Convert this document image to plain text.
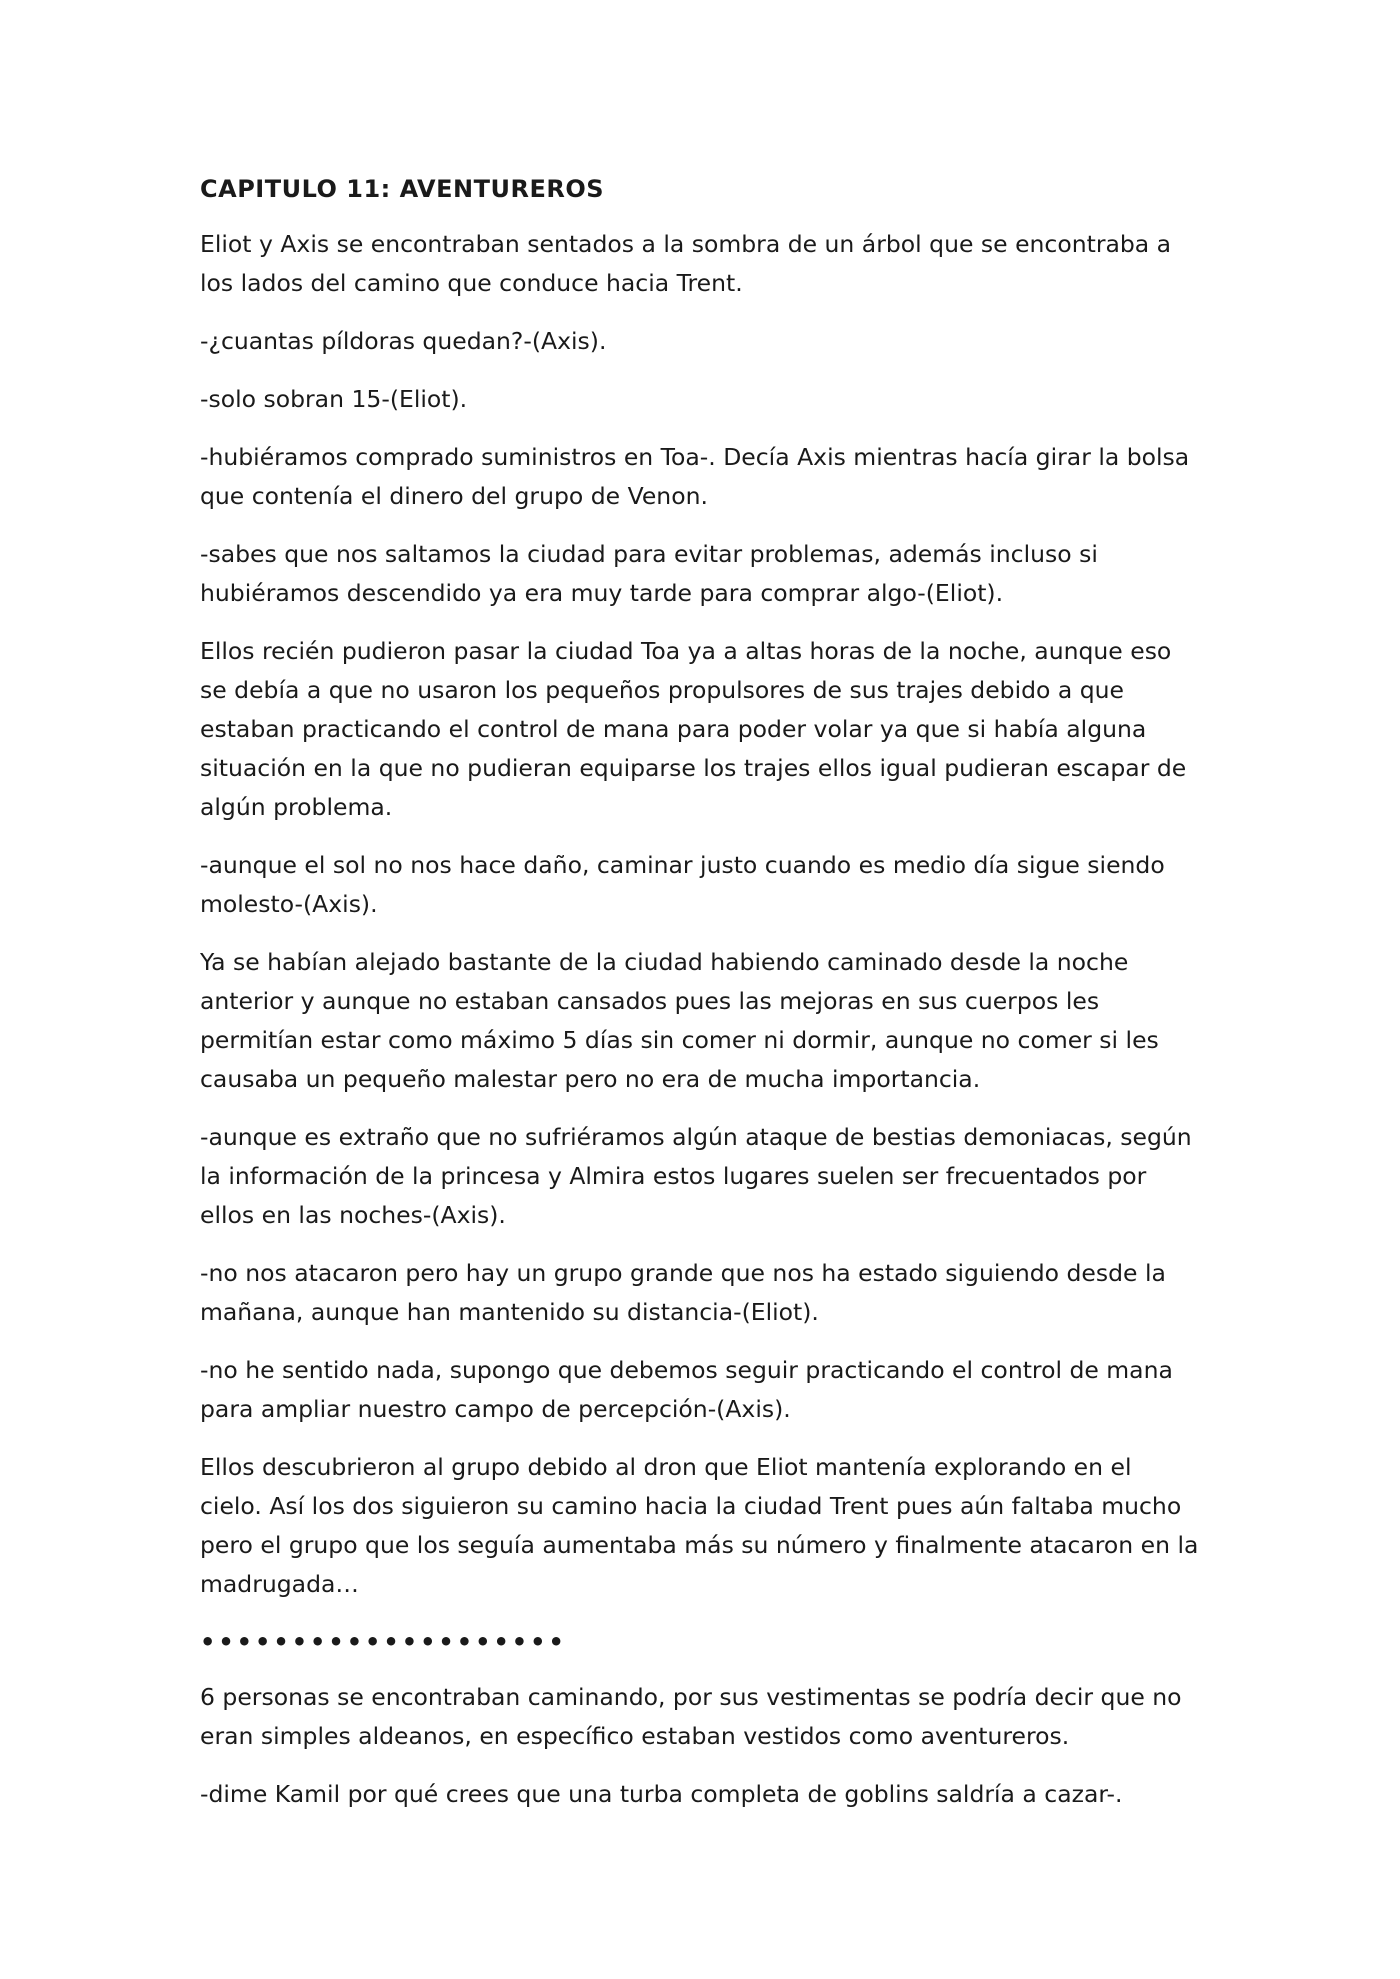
CAPITULO 11: AVENTUREROS

Eliot y Axis se encontraban sentados a la sombra de un árbol que se encontraba a los lados del camino que conduce hacia Trent.

-¿cuantas píldoras quedan?-(Axis).

-solo sobran 15-(Eliot).

-hubiéramos comprado suministros en Toa-. Decía Axis mientras hacía girar la bolsa que contenía el dinero del grupo de Venon.

-sabes que nos saltamos la ciudad para evitar problemas, además incluso si hubiéramos descendido ya era muy tarde para comprar algo-(Eliot).

Ellos recién pudieron pasar la ciudad Toa ya a altas horas de la noche, aunque eso se debía a que no usaron los pequeños propulsores de sus trajes debido a que estaban practicando el control de mana para poder volar ya que si había alguna situación en la que no pudieran equiparse los trajes ellos igual pudieran escapar de algún problema.

-aunque el sol no nos hace daño, caminar justo cuando es medio día sigue siendo molesto-(Axis).

Ya se habían alejado bastante de la ciudad habiendo caminado desde la noche anterior y aunque no estaban cansados pues las mejoras en sus cuerpos les permitían estar como máximo 5 días sin comer ni dormir, aunque no comer si les causaba un pequeño malestar pero no era de mucha importancia.

-aunque es extraño que no sufriéramos algún ataque de bestias demoniacas, según la información de la princesa y Almira estos lugares suelen ser frecuentados por ellos en las noches-(Axis).

-no nos atacaron pero hay un grupo grande que nos ha estado siguiendo desde la mañana, aunque han mantenido su distancia-(Eliot).

-no he sentido nada, supongo que debemos seguir practicando el control de mana para ampliar nuestro campo de percepción-(Axis).

Ellos descubrieron al grupo debido al dron que Eliot mantenía explorando en el cielo. Así los dos siguieron su camino hacia la ciudad Trent pues aún faltaba mucho pero el grupo que los seguía aumentaba más su número y finalmente atacaron en la madrugada…

••••••••••••••••••••

6 personas se encontraban caminando, por sus vestimentas se podría decir que no eran simples aldeanos, en específico estaban vestidos como aventureros.

-dime Kamil por qué crees que una turba completa de goblins saldría a cazar-.
